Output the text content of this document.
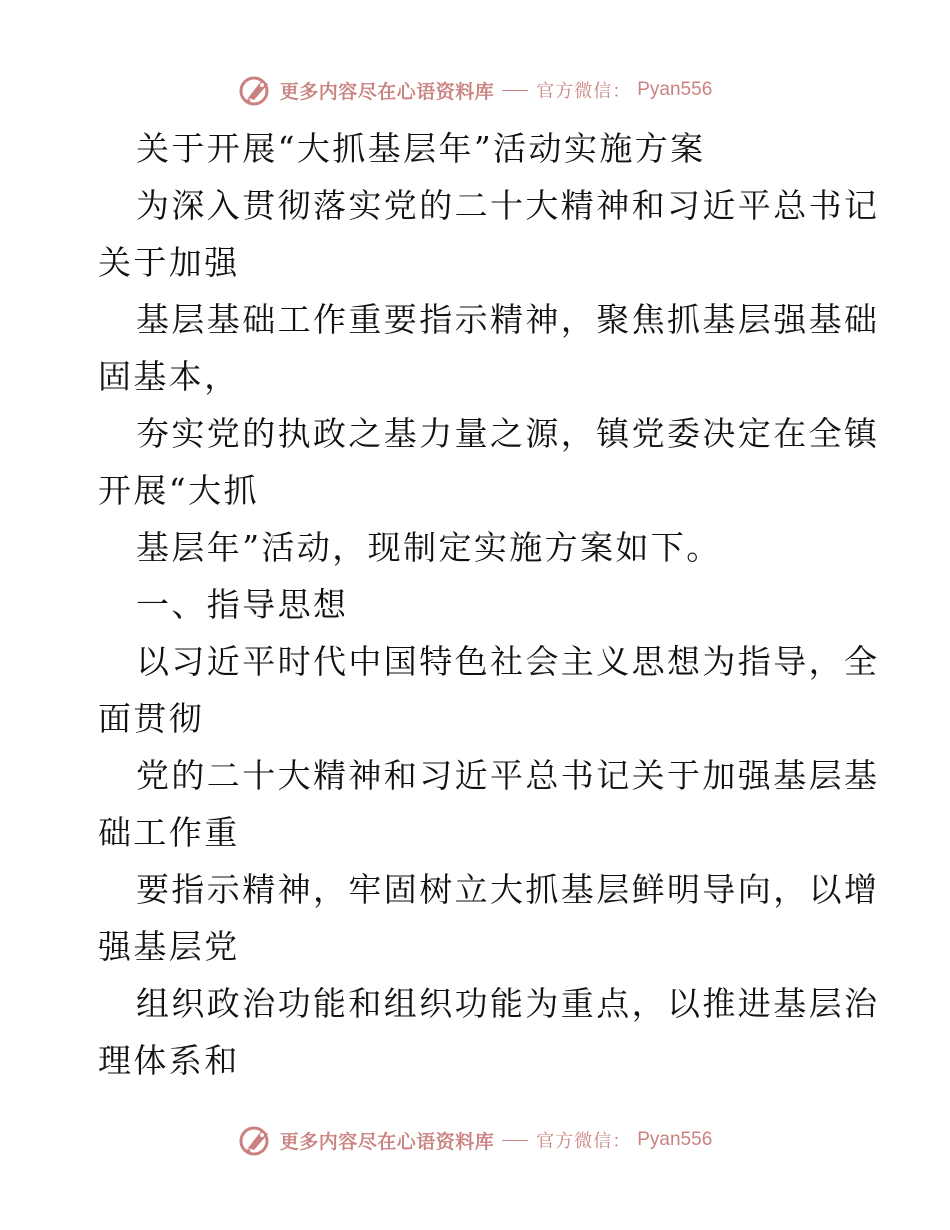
更多内容尽在心语资料库 官方微信： Pyan556
关于开展“大抓基层年”活动实施方案
为深入贯彻落实党的二十大精神和习近平总书记
关于加强
基层基础工作重要指示精神，聚焦抓基层强基础
固基本，
夯实党的执政之基力量之源，镇党委决定在全镇
开展“大抓
基层年”活动，现制定实施方案如下。
一、指导思想
以习近平时代中国特色社会主义思想为指导，全
面贯彻
党的二十大精神和习近平总书记关于加强基层基
础工作重
要指示精神，牢固树立大抓基层鲜明导向，以增
强基层党
组织政治功能和组织功能为重点，以推进基层治
理体系和
更多内容尽在心语资料库 官方微信： Pyan556
